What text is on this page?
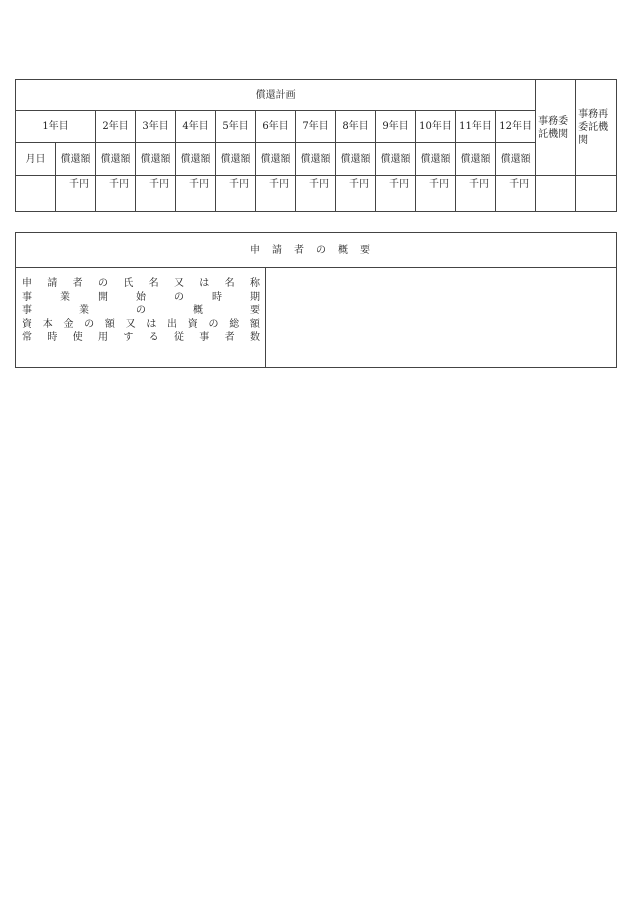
償還計画													事務委託機関	事務再委託機関
1年目		2年目	3年目	4年目	5年目	6年目	7年目	8年目	9年目	10年目	11年目	12年目		
月日	償還額	償還額	償還額	償還額	償還額	償還額	償還額	償還額	償還額	償還額	償還額	償還額		
	千円	千円	千円	千円	千円	千円	千円	千円	千円	千円	千円	千円		
申請者の概要

申 請 者 の 氏 名 又 は 名 称
事	業	開	始	の	時	期
事	業	の	概	要
資 本 金 の 額 又 は 出 資 の 総 額
常 時 使 用 す る 従 事 者 数
